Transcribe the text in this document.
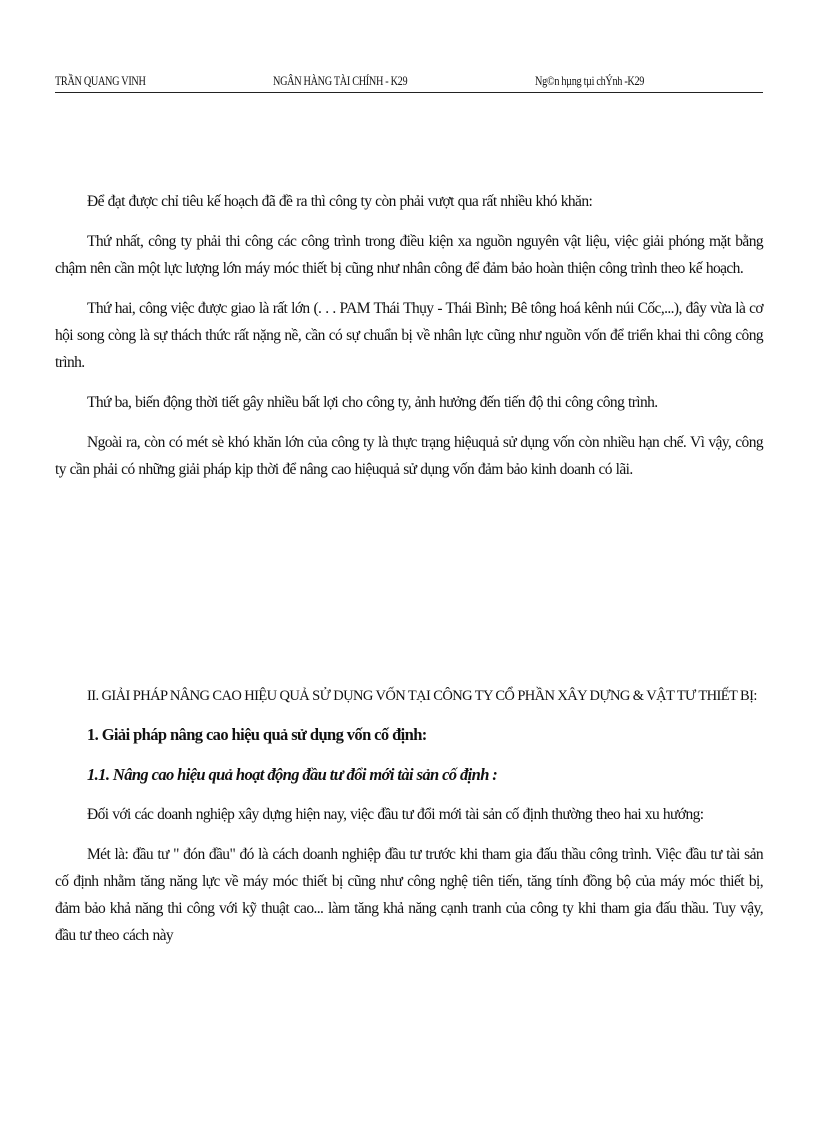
TRẦN QUANG VINH	NGÂN HÀNG TÀI CHÍNH - K29	Ng©n hµng tµi chÝnh -K29

Để đạt được chỉ tiêu kế hoạch đã đề ra thì công ty còn phải vượt qua rất nhiều khó khăn:

Thứ nhất, công ty phải thi công các công trình trong điều kiện xa nguồn nguyên vật liệu, việc giải phóng mặt bằng chậm nên cần một lực lượng lớn máy móc thiết bị cũng như nhân công để đảm bảo hoàn thiện công trình theo kế hoạch.

Thứ hai, công việc được giao là rất lớn (. . . PAM Thái Thụy - Thái Bình; Bê tông hoá kênh núi Cốc,...), đây vừa là cơ hội song còng là sự thách thức rất nặng nề, cần có sự chuẩn bị về nhân lực cũng như nguồn vốn để triển khai thi công công trình.

Thứ ba, biến động thời tiết gây nhiều bất lợi cho công ty, ảnh hưởng đến tiến độ thi công công trình.

Ngoài ra, còn có mét sè khó khăn lớn của công ty là thực trạng hiệuquả sử dụng vốn còn nhiều hạn chế. Vì vậy, công ty cần phải có những giải pháp kịp thời để nâng cao hiệuquả sử dụng vốn đảm bảo kinh doanh có lãi.

II. GIẢI PHÁP NÂNG CAO HIỆU QUẢ SỬ DỤNG VỐN TẠI CÔNG TY CỔ PHẦN XÂY DỰNG & VẬT TƯ THIẾT BỊ:

1. Giải pháp nâng cao hiệu quả sử dụng vốn cố định:

1.1. Nâng cao hiệu quả hoạt động đầu tư đổi mới tài sản cố định :

Đối với các doanh nghiệp xây dựng hiện nay, việc đầu tư đổi mới tài sản cố định thường theo hai xu hướng:

Mét là: đầu tư " đón đầu" đó là cách doanh nghiệp đầu tư trước khi tham gia đấu thầu công trình. Việc đầu tư tài sản cố định nhằm tăng năng lực về máy móc thiết bị cũng như công nghệ tiên tiến, tăng tính đồng bộ của máy móc thiết bị, đảm bảo khả năng thi công với kỹ thuật cao... làm tăng khả năng cạnh tranh của công ty khi tham gia đấu thầu. Tuy vậy, đầu tư theo cách này
